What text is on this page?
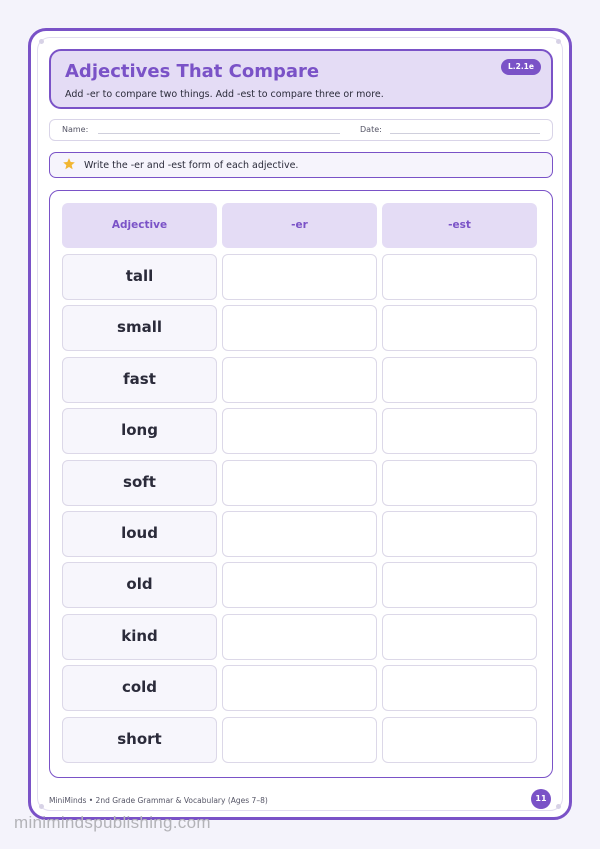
Adjectives That Compare
Add -er to compare two things. Add -est to compare three or more.
L.2.1e
Name:	Date:
Write the -er and -est form of each adjective.
Adjective	-er	-est
tall
small
fast
long
soft
loud
old
kind
cold
short
MiniMinds • 2nd Grade Grammar & Vocabulary (Ages 7–8)	11
minimindspublishing.com
